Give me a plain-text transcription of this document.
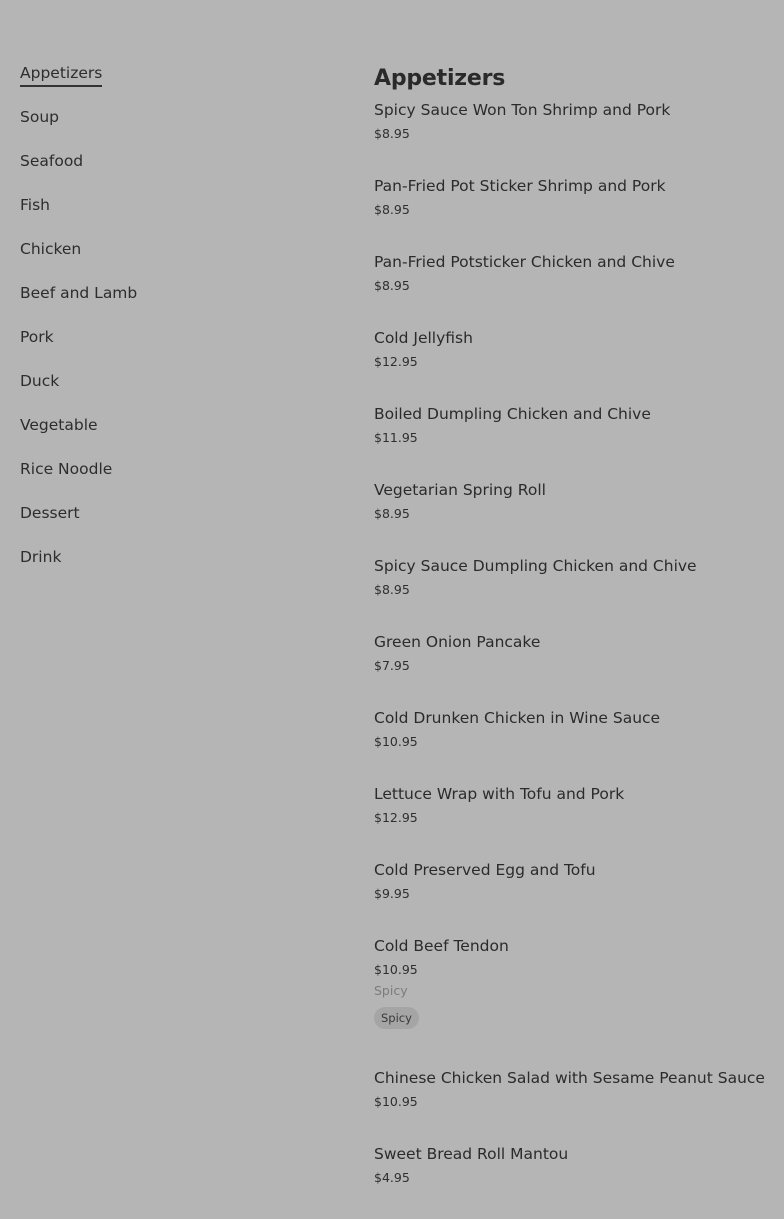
Appetizers
Soup
Seafood
Fish
Chicken
Beef and Lamb
Pork
Duck
Vegetable
Rice Noodle
Dessert
Drink
Appetizers
Spicy Sauce Won Ton Shrimp and Pork
$8.95
Pan-Fried Pot Sticker Shrimp and Pork
$8.95
Pan-Fried Potsticker Chicken and Chive
$8.95
Cold Jellyfish
$12.95
Boiled Dumpling Chicken and Chive
$11.95
Vegetarian Spring Roll
$8.95
Spicy Sauce Dumpling Chicken and Chive
$8.95
Green Onion Pancake
$7.95
Cold Drunken Chicken in Wine Sauce
$10.95
Lettuce Wrap with Tofu and Pork
$12.95
Cold Preserved Egg and Tofu
$9.95
Cold Beef Tendon
$10.95
Spicy
Spicy
Chinese Chicken Salad with Sesame Peanut Sauce
$10.95
Sweet Bread Roll Mantou
$4.95
